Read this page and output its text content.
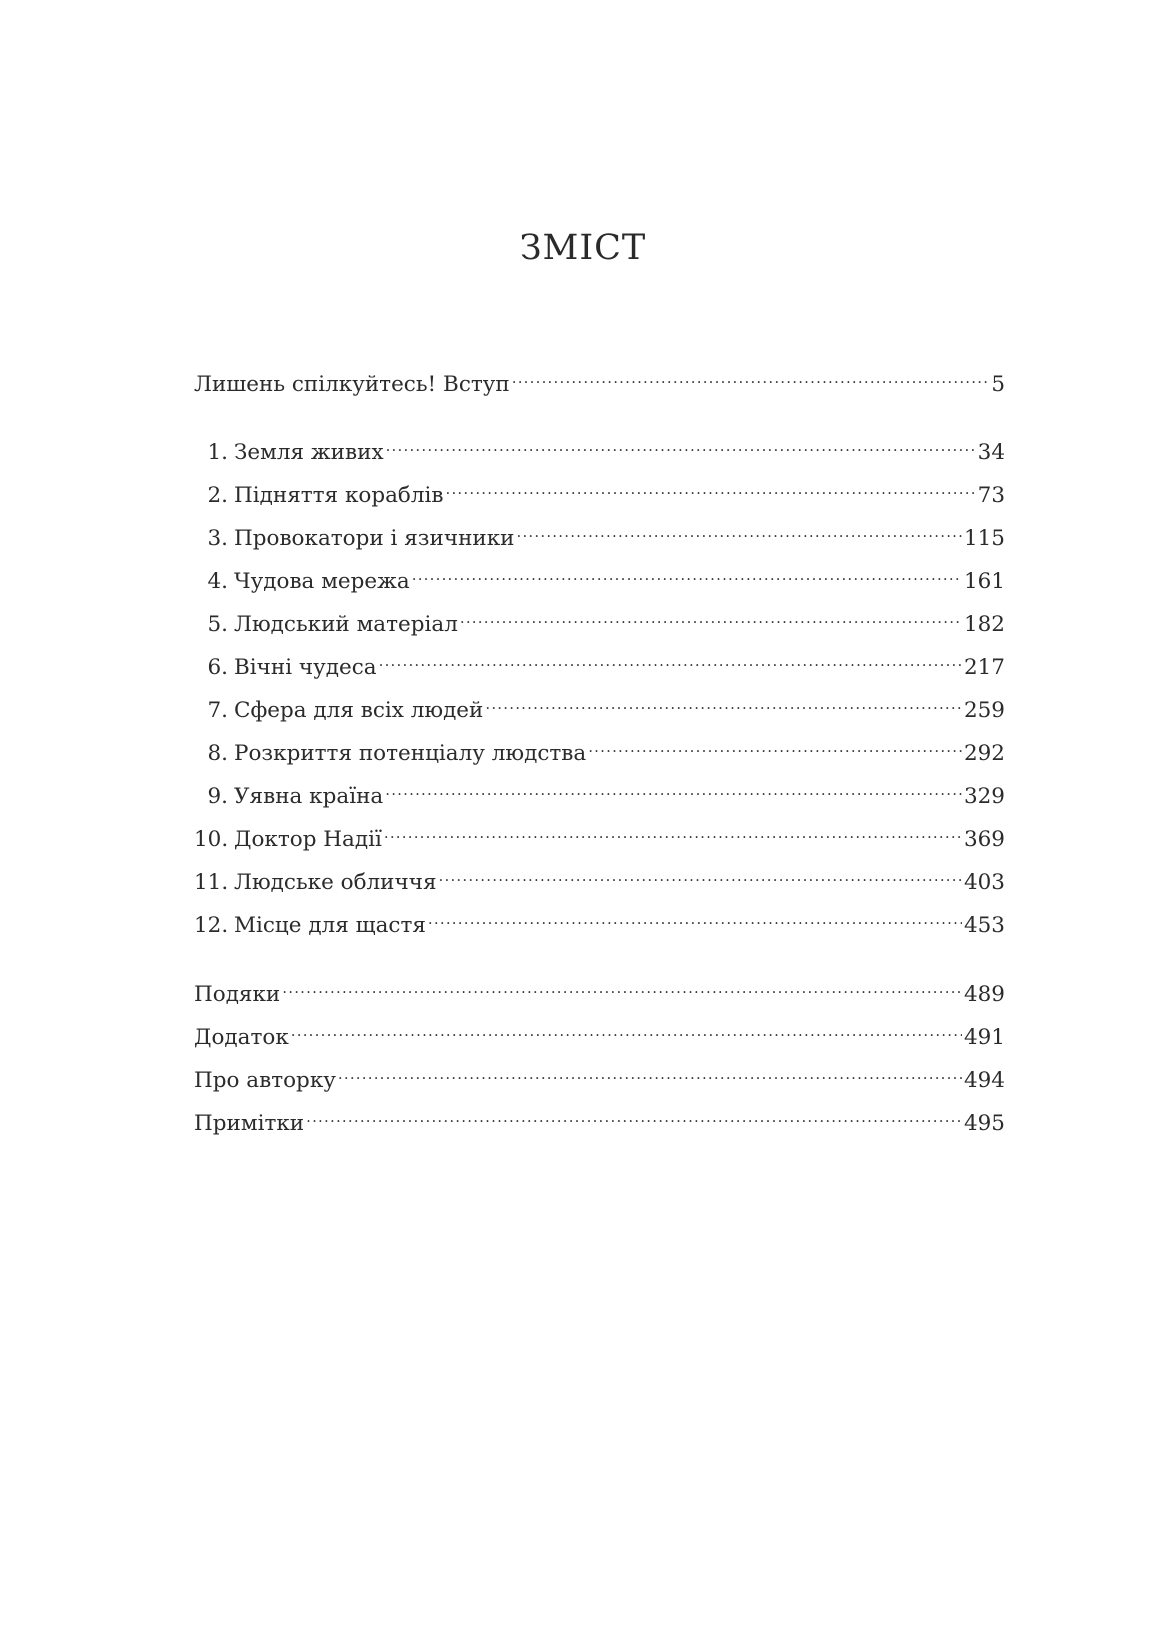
ЗМІСТ
Лишень спілкуйтесь! Вступ .....	5
1. Земля живих .....	34
2. Підняття кораблів .....	73
3. Провокатори і язичники .....	115
4. Чудова мережа .....	161
5. Людський матеріал .....	182
6. Вічні чудеса .....	217
7. Сфера для всіх людей .....	259
8. Розкриття потенціалу людства .....	292
9. Уявна країна .....	329
10. Доктор Надії .....	369
11. Людське обличчя .....	403
12. Місце для щастя .....	453
Подяки .....	489
Додаток .....	491
Про авторку .....	494
Примітки .....	495
